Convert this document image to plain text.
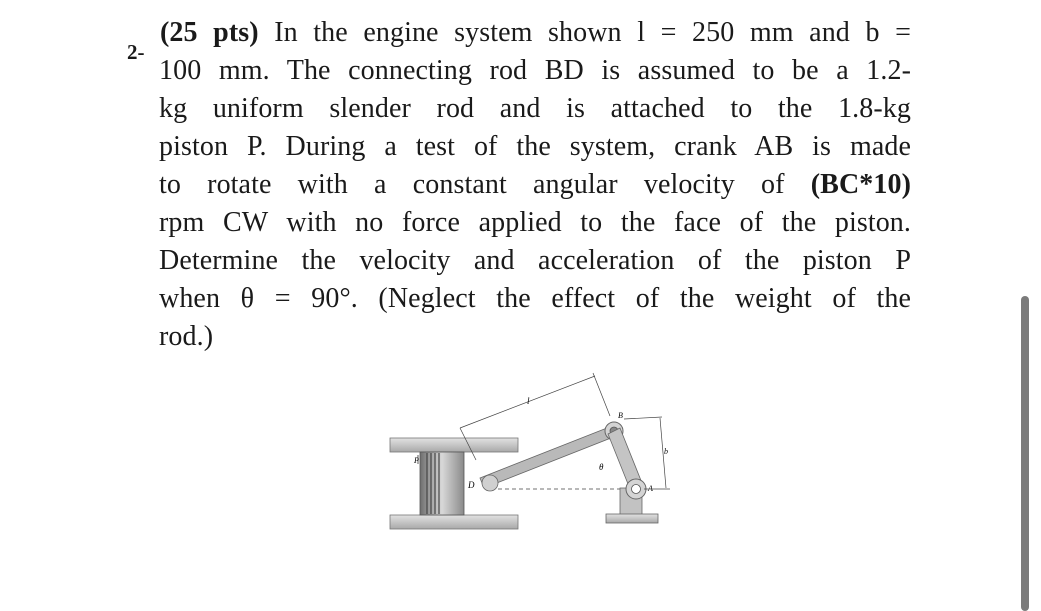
2-
(25 pts) In the engine system shown l = 250 mm and b =
100 mm. The connecting rod BD is assumed to be a 1.2-
kg uniform slender rod and is attached to the 1.8-kg
piston P. During a test of the system, crank AB is made
to rotate with a constant angular velocity of (BC*10)
rpm CW with no force applied to the face of the piston.
Determine the velocity and acceleration of the piston P
when θ = 90°. (Neglect the effect of the weight of the
rod.)
P
D	A
B
θ
l
b
